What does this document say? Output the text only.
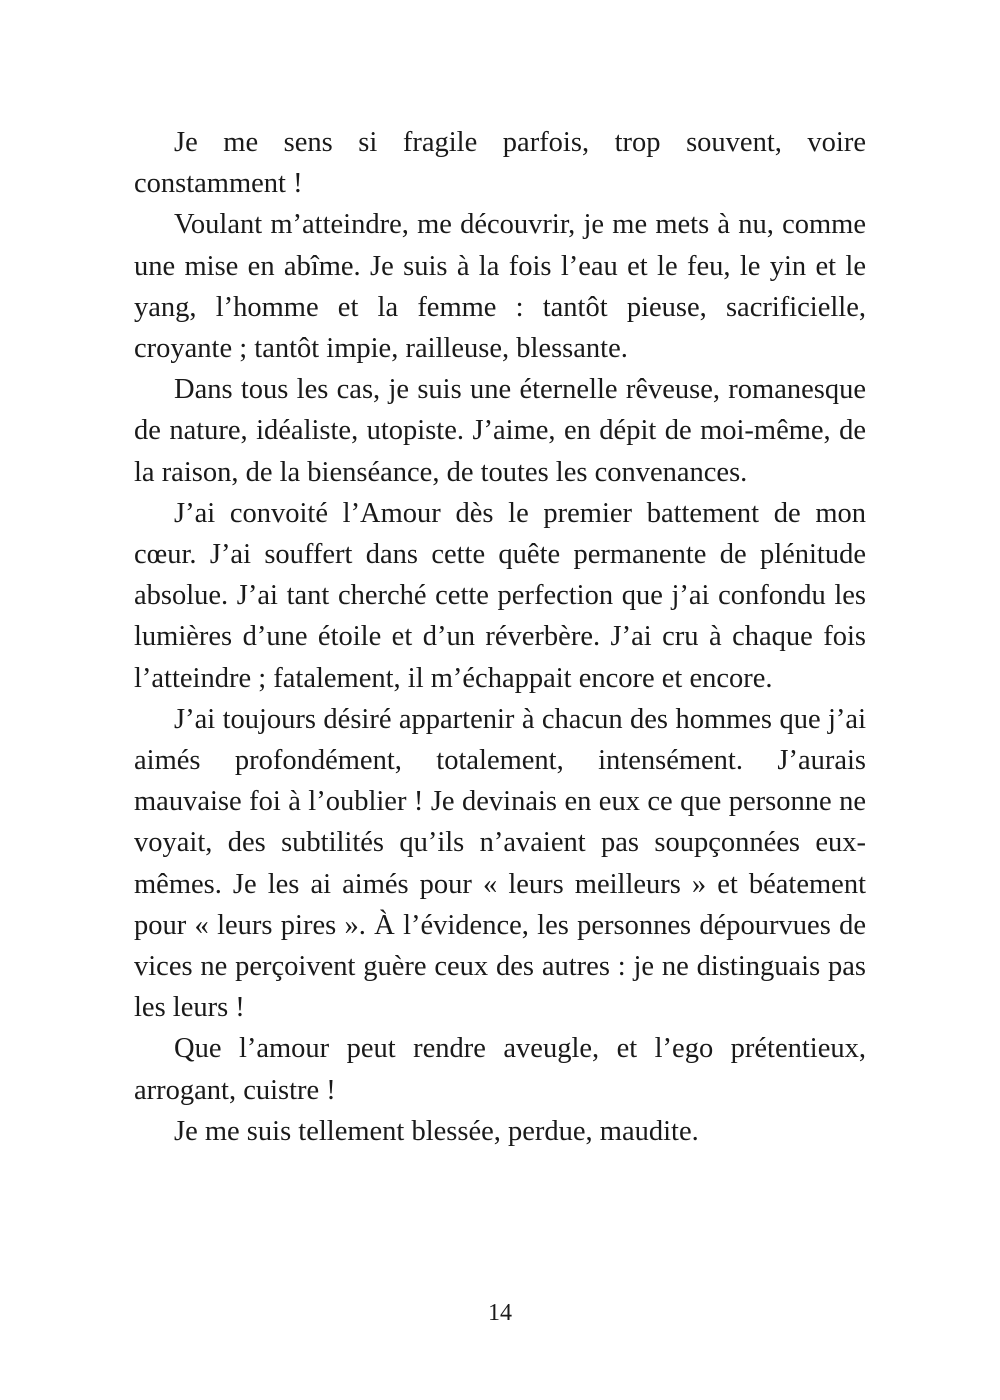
Je me sens si fragile parfois, trop souvent, voire constamment !

Voulant m’atteindre, me découvrir, je me mets à nu, comme une mise en abîme. Je suis à la fois l’eau et le feu, le yin et le yang, l’homme et la femme : tantôt pieuse, sacrificielle, croyante ; tantôt impie, railleuse, blessante.

Dans tous les cas, je suis une éternelle rêveuse, romanesque de nature, idéaliste, utopiste. J’aime, en dépit de moi-même, de la raison, de la bienséance, de toutes les convenances.

J’ai convoité l’Amour dès le premier battement de mon cœur. J’ai souffert dans cette quête permanente de plénitude absolue. J’ai tant cherché cette perfection que j’ai confondu les lumières d’une étoile et d’un réverbère. J’ai cru à chaque fois l’atteindre ; fatalement, il m’échappait encore et encore.

J’ai toujours désiré appartenir à chacun des hommes que j’ai aimés profondément, totalement, intensément. J’aurais mauvaise foi à l’oublier ! Je devinais en eux ce que personne ne voyait, des subtilités qu’ils n’avaient pas soupçonnées eux-mêmes. Je les ai aimés pour « leurs meilleurs » et béatement pour « leurs pires ». À l’évidence, les personnes dépourvues de vices ne perçoivent guère ceux des autres : je ne distinguais pas les leurs !

Que l’amour peut rendre aveugle, et l’ego prétentieux, arrogant, cuistre !

Je me suis tellement blessée, perdue, maudite.

14
